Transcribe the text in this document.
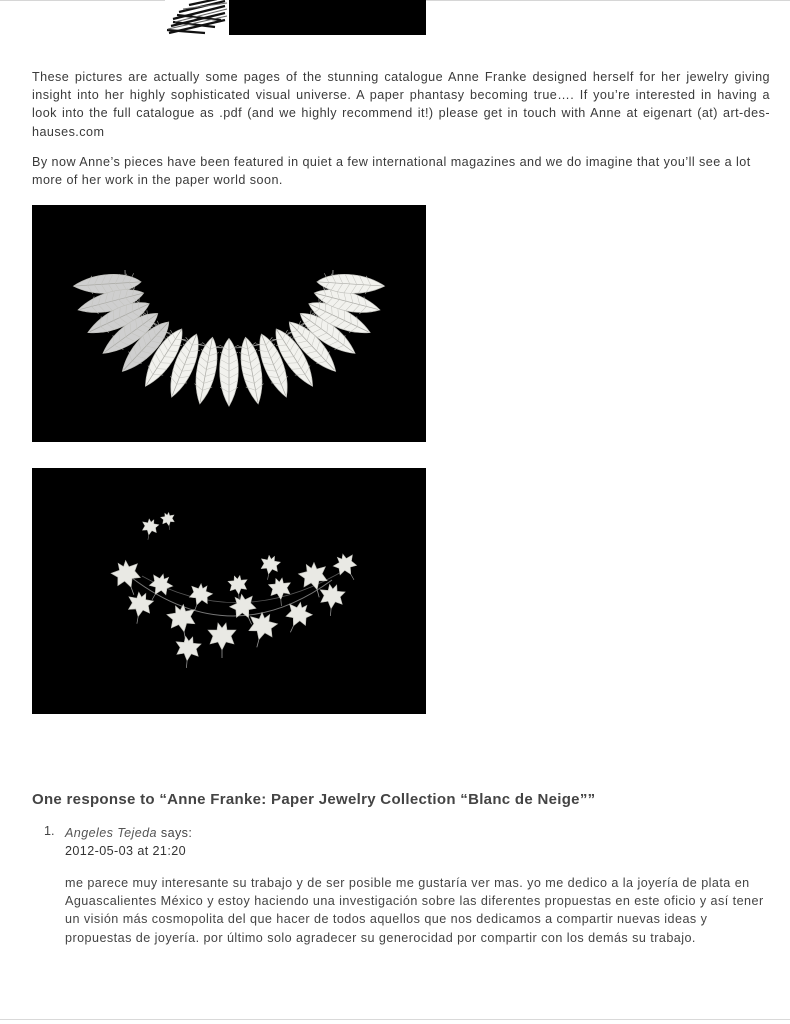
These pictures are actually some pages of the stunning catalogue Anne Franke designed herself for her jewelry giving insight into her highly sophisticated visual universe. A paper phantasy becoming true…. If you’re interested in having a look into the full catalogue as .pdf (and we highly recommend it!) please get in touch with Anne at eigenart (at) art-des-hauses.com

By now Anne’s pieces have been featured in quiet a few international magazines and we do imagine that you’ll see a lot more of her work in the paper world soon.

One response to “Anne Franke: Paper Jewelry Collection “Blanc de Neige””
1. Angeles Tejeda says:
2012-05-03 at 21:20

me parece muy interesante su trabajo y de ser posible me gustaría ver mas. yo me dedico a la joyería de plata en Aguascalientes México y estoy haciendo una investigación sobre las diferentes propuestas en este oficio y así tener un visión más cosmopolita del que hacer de todos aquellos que nos dedicamos a compartir nuevas ideas y propuestas de joyería. por último solo agradecer su generocidad por compartir con los demás su trabajo.
